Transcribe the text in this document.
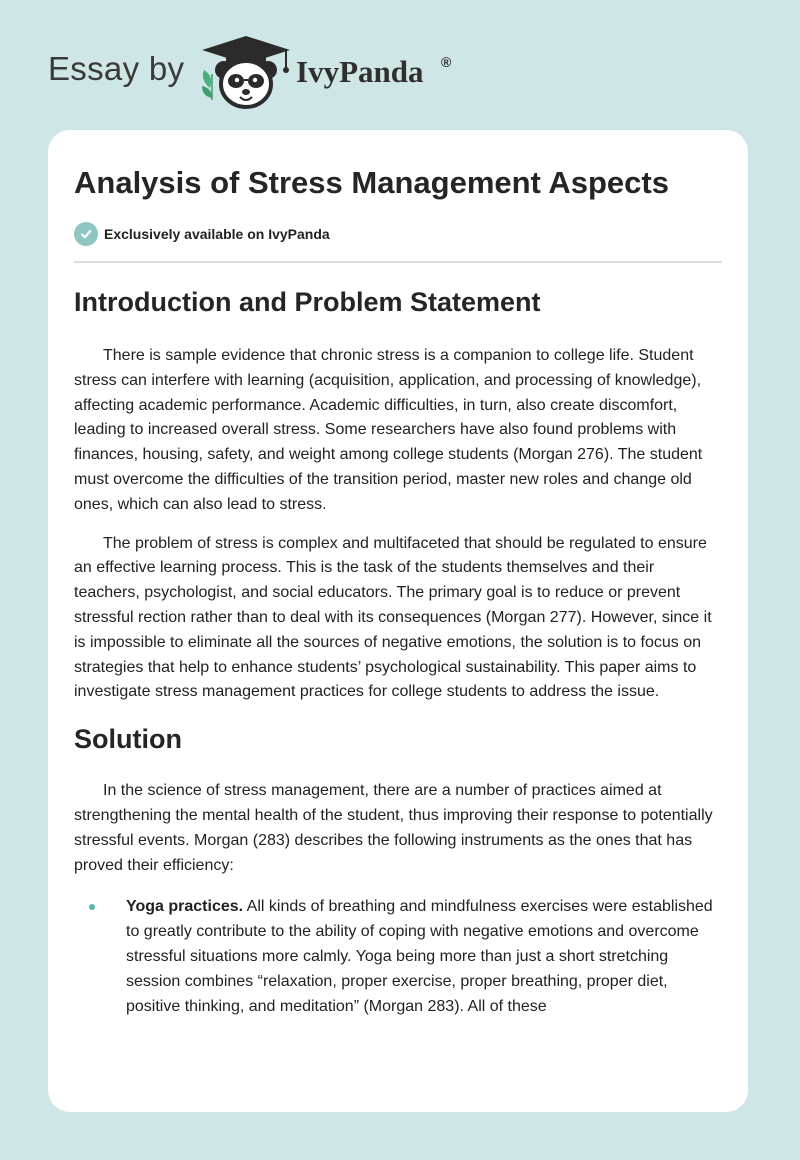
Essay by	IvyPanda ®
Analysis of Stress Management Aspects
Exclusively available on IvyPanda
Introduction and Problem Statement

There is sample evidence that chronic stress is a companion to college life. Student stress can interfere with learning (acquisition, application, and processing of knowledge), affecting academic performance. Academic difficulties, in turn, also create discomfort, leading to increased overall stress. Some researchers have also found problems with finances, housing, safety, and weight among college students (Morgan 276). The student must overcome the difficulties of the transition period, master new roles and change old ones, which can also lead to stress.

The problem of stress is complex and multifaceted that should be regulated to ensure an effective learning process. This is the task of the students themselves and their teachers, psychologist, and social educators. The primary goal is to reduce or prevent stressful rection rather than to deal with its consequences (Morgan 277). However, since it is impossible to eliminate all the sources of negative emotions, the solution is to focus on strategies that help to enhance students’ psychological sustainability. This paper aims to investigate stress management practices for college students to address the issue.

Solution

In the science of stress management, there are a number of practices aimed at strengthening the mental health of the student, thus improving their response to potentially stressful events. Morgan (283) describes the following instruments as the ones that has proved their efficiency:

Yoga practices. All kinds of breathing and mindfulness exercises were established to greatly contribute to the ability of coping with negative emotions and overcome stressful situations more calmly. Yoga being more than just a short stretching session combines “relaxation, proper exercise, proper breathing, proper diet, positive thinking, and meditation” (Morgan 283). All of these
